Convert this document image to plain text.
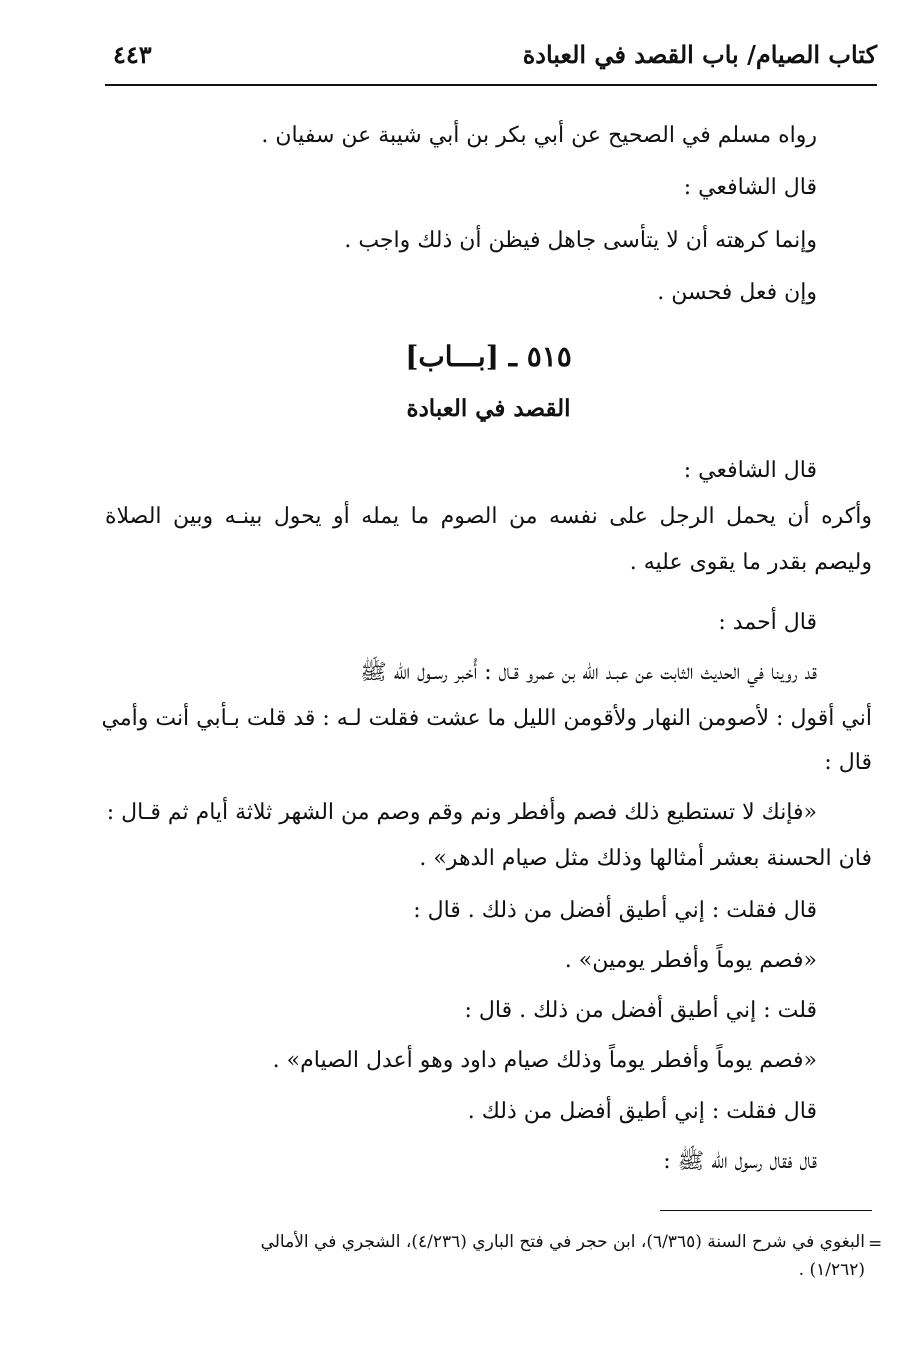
كتاب الصيام/ باب القصد في العبادة
٤٤٣
رواه مسلم في الصحيح عن أبي بكر بن أبي شيبة عن سفيان .
قال الشافعي :
وإنما كرهته أن لا يتأسى جاهل فيظن أن ذلك واجب .
وإن فعل فحسن .
٥١٥ ـ [بـــاب]
القصد في العبادة
قال الشافعي :
وأكره أن يحمل الرجل على نفسه من الصوم ما يمله أو يحول بينـه وبين الصلاة
وليصم بقدر ما يقوى عليه .
قال أحمد :
قد روينا في الحديث الثابت عن عبـد الله بن عمرو قـال : أُخبر رسـول الله ﷺ
أني أقول : لأصومن النهار ولأقومن الليل ما عشت فقلت لـه : قد قلت بـأبي أنت وأمي
قال :
«فإنك لا تستطيع ذلك فصم وأفطر ونم وقم وصم من الشهر ثلاثة أيام ثم قـال :
فان الحسنة بعشر أمثالها وذلك مثل صيام الدهر» .
قال فقلت : إني أطيق أفضل من ذلك . قال :
«فصم يوماً وأفطر يومين» .
قلت : إني أطيق أفضل من ذلك . قال :
«فصم يوماً وأفطر يوماً وذلك صيام داود وهو أعدل الصيام» .
قال فقلت : إني أطيق أفضل من ذلك .
قال فقال رسول الله ﷺ :
=
البغوي في شرح السنة (٦/٣٦٥)، ابن حجر في فتح الباري (٤/٢٣٦)، الشجري في الأمالي
(١/٢٦٢) .
